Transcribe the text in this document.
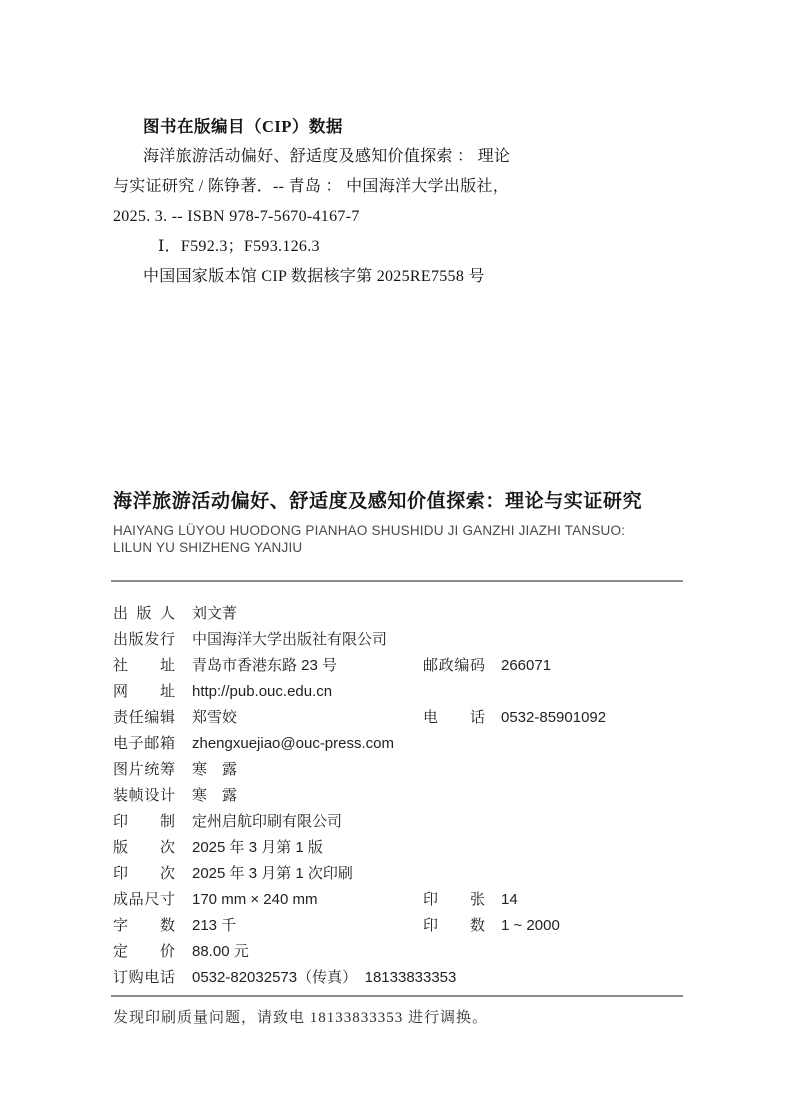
图书在版编目（CIP）数据
海洋旅游活动偏好、舒适度及感知价值探索 ： 理论
与实证研究 / 陈铮著．-- 青岛 ： 中国海洋大学出版社，
2025. 3. -- ISBN 978-7-5670-4167-7
Ⅰ．F592.3；F593.126.3
中国国家版本馆 CIP 数据核字第 2025RE7558 号
海洋旅游活动偏好、舒适度及感知价值探索：理论与实证研究
HAIYANG LÜYOU HUODONG PIANHAO SHUSHIDU JI GANZHI JIAZHI TANSUO:
LILUN YU SHIZHENG YANJIU
出版人 刘文菁
出版发行 中国海洋大学出版社有限公司
社址 青岛市香港东路 23 号	邮政编码 266071
网址 http://pub.ouc.edu.cn
责任编辑 郑雪姣	电话 0532-85901092
电子邮箱 zhengxuejiao@ouc-press.com
图片统筹 寒　露
装帧设计 寒　露
印制 定州启航印刷有限公司
版次 2025 年 3 月第 1 版
印次 2025 年 3 月第 1 次印刷
成品尺寸 170 mm × 240 mm	印张 14
字数 213 千	印数 1 ~ 2000
定价 88.00 元
订购电话 0532-82032573（传真）　18133833353
发现印刷质量问题，请致电 18133833353 进行调换。
